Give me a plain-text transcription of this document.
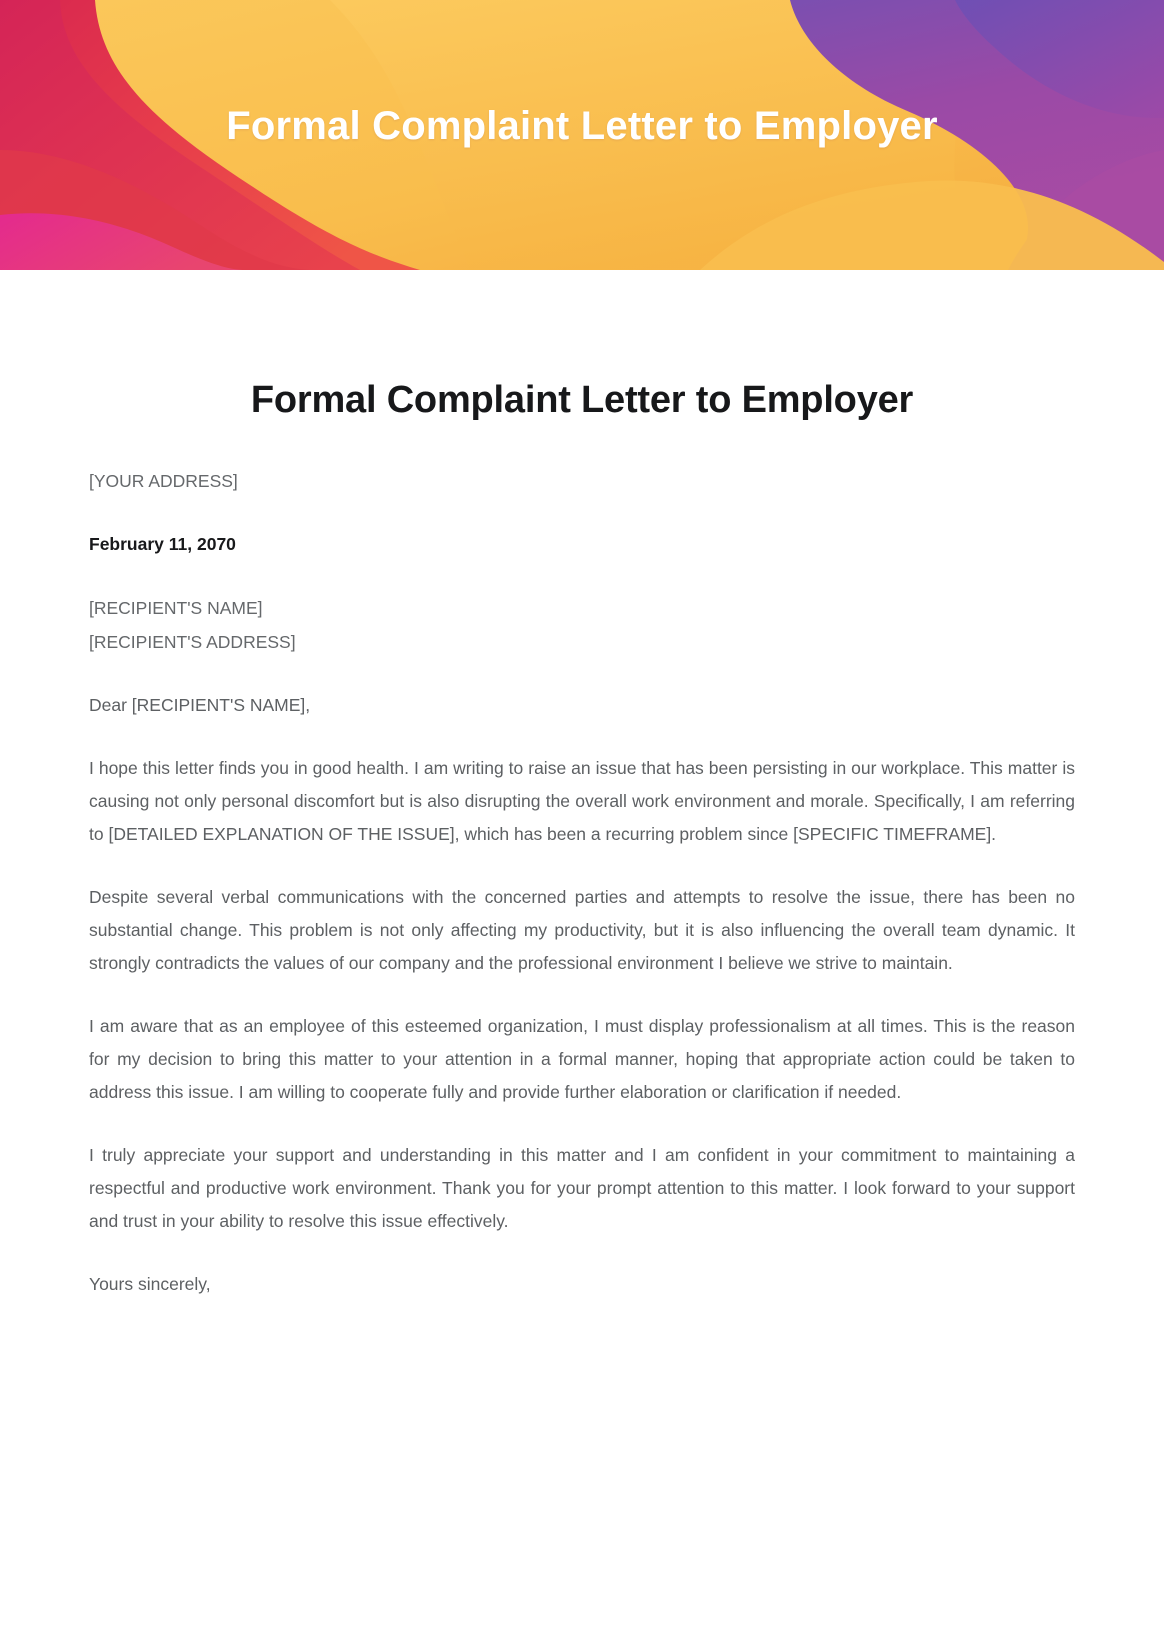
Formal Complaint Letter to Employer
Formal Complaint Letter to Employer

[YOUR ADDRESS]

February 11, 2070

[RECIPIENT'S NAME]

[RECIPIENT'S ADDRESS]

Dear [RECIPIENT'S NAME],

I hope this letter finds you in good health. I am writing to raise an issue that has been persisting in our workplace. This matter is causing not only personal discomfort but is also disrupting the overall work environment and morale. Specifically, I am referring to [DETAILED EXPLANATION OF THE ISSUE], which has been a recurring problem since [SPECIFIC TIMEFRAME].

Despite several verbal communications with the concerned parties and attempts to resolve the issue, there has been no substantial change. This problem is not only affecting my productivity, but it is also influencing the overall team dynamic. It strongly contradicts the values of our company and the professional environment I believe we strive to maintain.

I am aware that as an employee of this esteemed organization, I must display professionalism at all times. This is the reason for my decision to bring this matter to your attention in a formal manner, hoping that appropriate action could be taken to address this issue. I am willing to cooperate fully and provide further elaboration or clarification if needed.

I truly appreciate your support and understanding in this matter and I am confident in your commitment to maintaining a respectful and productive work environment. Thank you for your prompt attention to this matter. I look forward to your support and trust in your ability to resolve this issue effectively.

Yours sincerely,
